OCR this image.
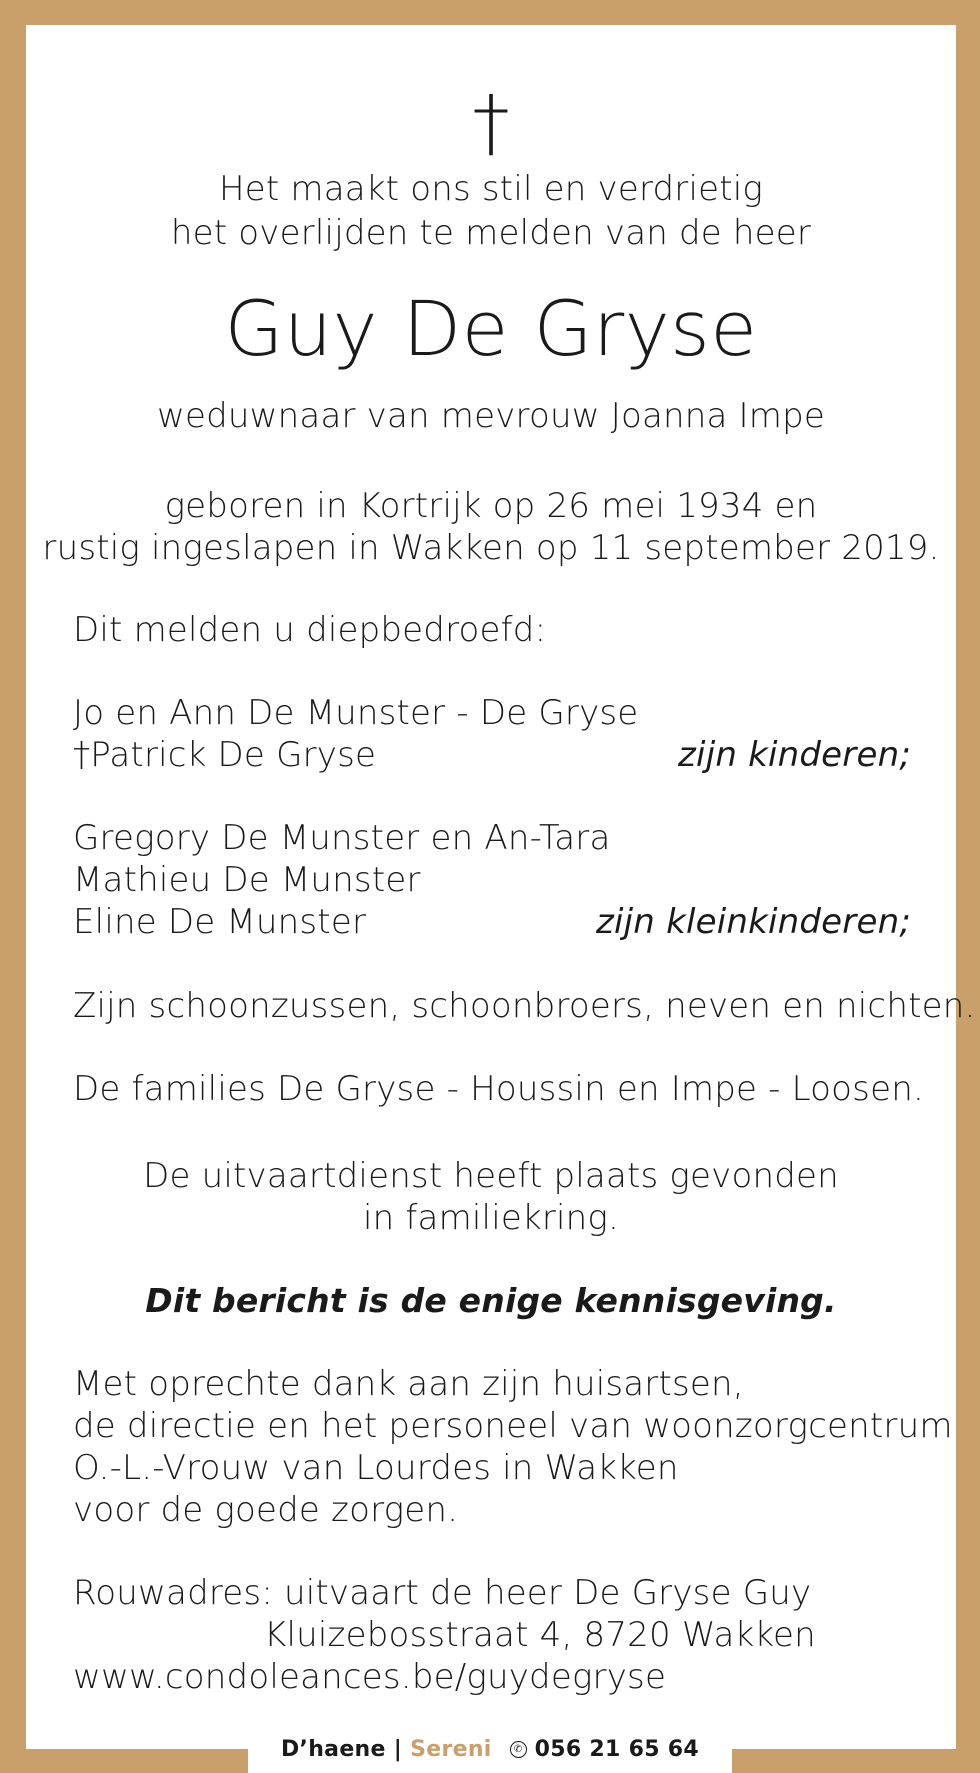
†
Het maakt ons stil en verdrietig
het overlijden te melden van de heer
Guy De Gryse
weduwnaar van mevrouw Joanna Impe
geboren in Kortrijk op 26 mei 1934 en
rustig ingeslapen in Wakken op 11 september 2019.
Dit melden u diepbedroefd:
Jo en Ann De Munster - De Gryse
†Patrick De Gryse	zijn kinderen;
Gregory De Munster en An-Tara
Mathieu De Munster
Eline De Munster	zijn kleinkinderen;
Zijn schoonzussen, schoonbroers, neven en nichten.
De families De Gryse - Houssin en Impe - Loosen.
De uitvaartdienst heeft plaats gevonden
in familiekring.
Dit bericht is de enige kennisgeving.
Met oprechte dank aan zijn huisartsen,
de directie en het personeel van woonzorgcentrum
O.-L.-Vrouw van Lourdes in Wakken
voor de goede zorgen.
Rouwadres: uitvaart de heer De Gryse Guy
Kluizebosstraat 4, 8720 Wakken
www.condoleances.be/guydegryse
D’haene | Sereni	✆ 056 21 65 64
